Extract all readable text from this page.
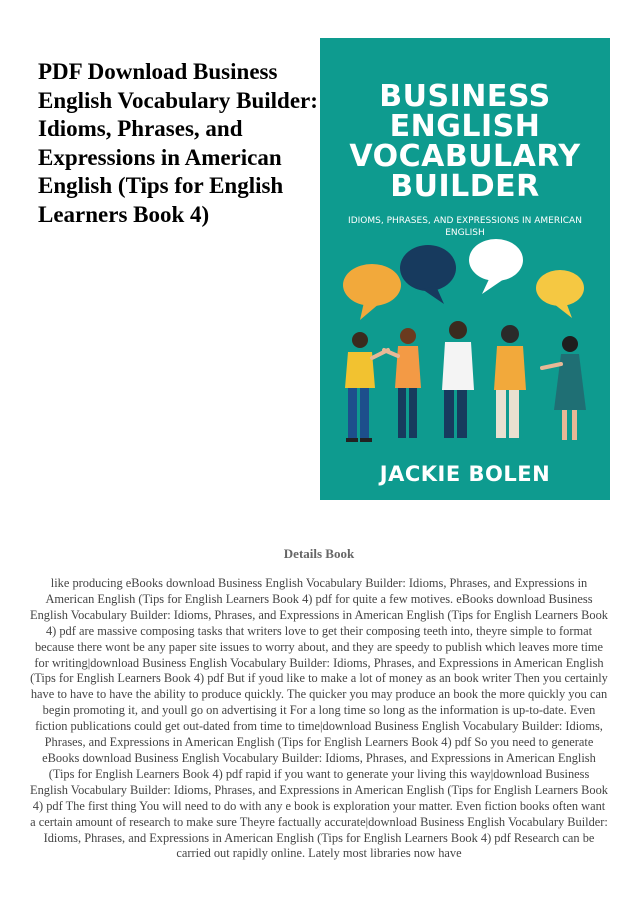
PDF Download Business English Vocabulary Builder: Idioms, Phrases, and Expressions in American English (Tips for English Learners Book 4)
BUSINESS
ENGLISH
VOCABULARY
BUILDER
IDIOMS, PHRASES, AND EXPRESSIONS IN AMERICAN ENGLISH
JACKIE BOLEN
Details Book
like producing eBooks download Business English Vocabulary Builder: Idioms, Phrases, and Expressions in American English (Tips for English Learners Book 4) pdf for quite a few motives. eBooks download Business English Vocabulary Builder: Idioms, Phrases, and Expressions in American English (Tips for English Learners Book 4) pdf are massive composing tasks that writers love to get their composing teeth into, theyre simple to format because there wont be any paper site issues to worry about, and they are speedy to publish which leaves more time for writing|download Business English Vocabulary Builder: Idioms, Phrases, and Expressions in American English (Tips for English Learners Book 4) pdf But if youd like to make a lot of money as an book writer Then you certainly have to have to have the ability to produce quickly. The quicker you may produce an book the more quickly you can begin promoting it, and youll go on advertising it For a long time so long as the information is up-to-date. Even fiction publications could get out-dated from time to time|download Business English Vocabulary Builder: Idioms, Phrases, and Expressions in American English (Tips for English Learners Book 4) pdf So you need to generate eBooks download Business English Vocabulary Builder: Idioms, Phrases, and Expressions in American English (Tips for English Learners Book 4) pdf rapid if you want to generate your living this way|download Business English Vocabulary Builder: Idioms, Phrases, and Expressions in American English (Tips for English Learners Book 4) pdf The first thing You will need to do with any e book is exploration your matter. Even fiction books often want a certain amount of research to make sure Theyre factually accurate|download Business English Vocabulary Builder: Idioms, Phrases, and Expressions in American English (Tips for English Learners Book 4) pdf Research can be carried out rapidly online. Lately most libraries now have
